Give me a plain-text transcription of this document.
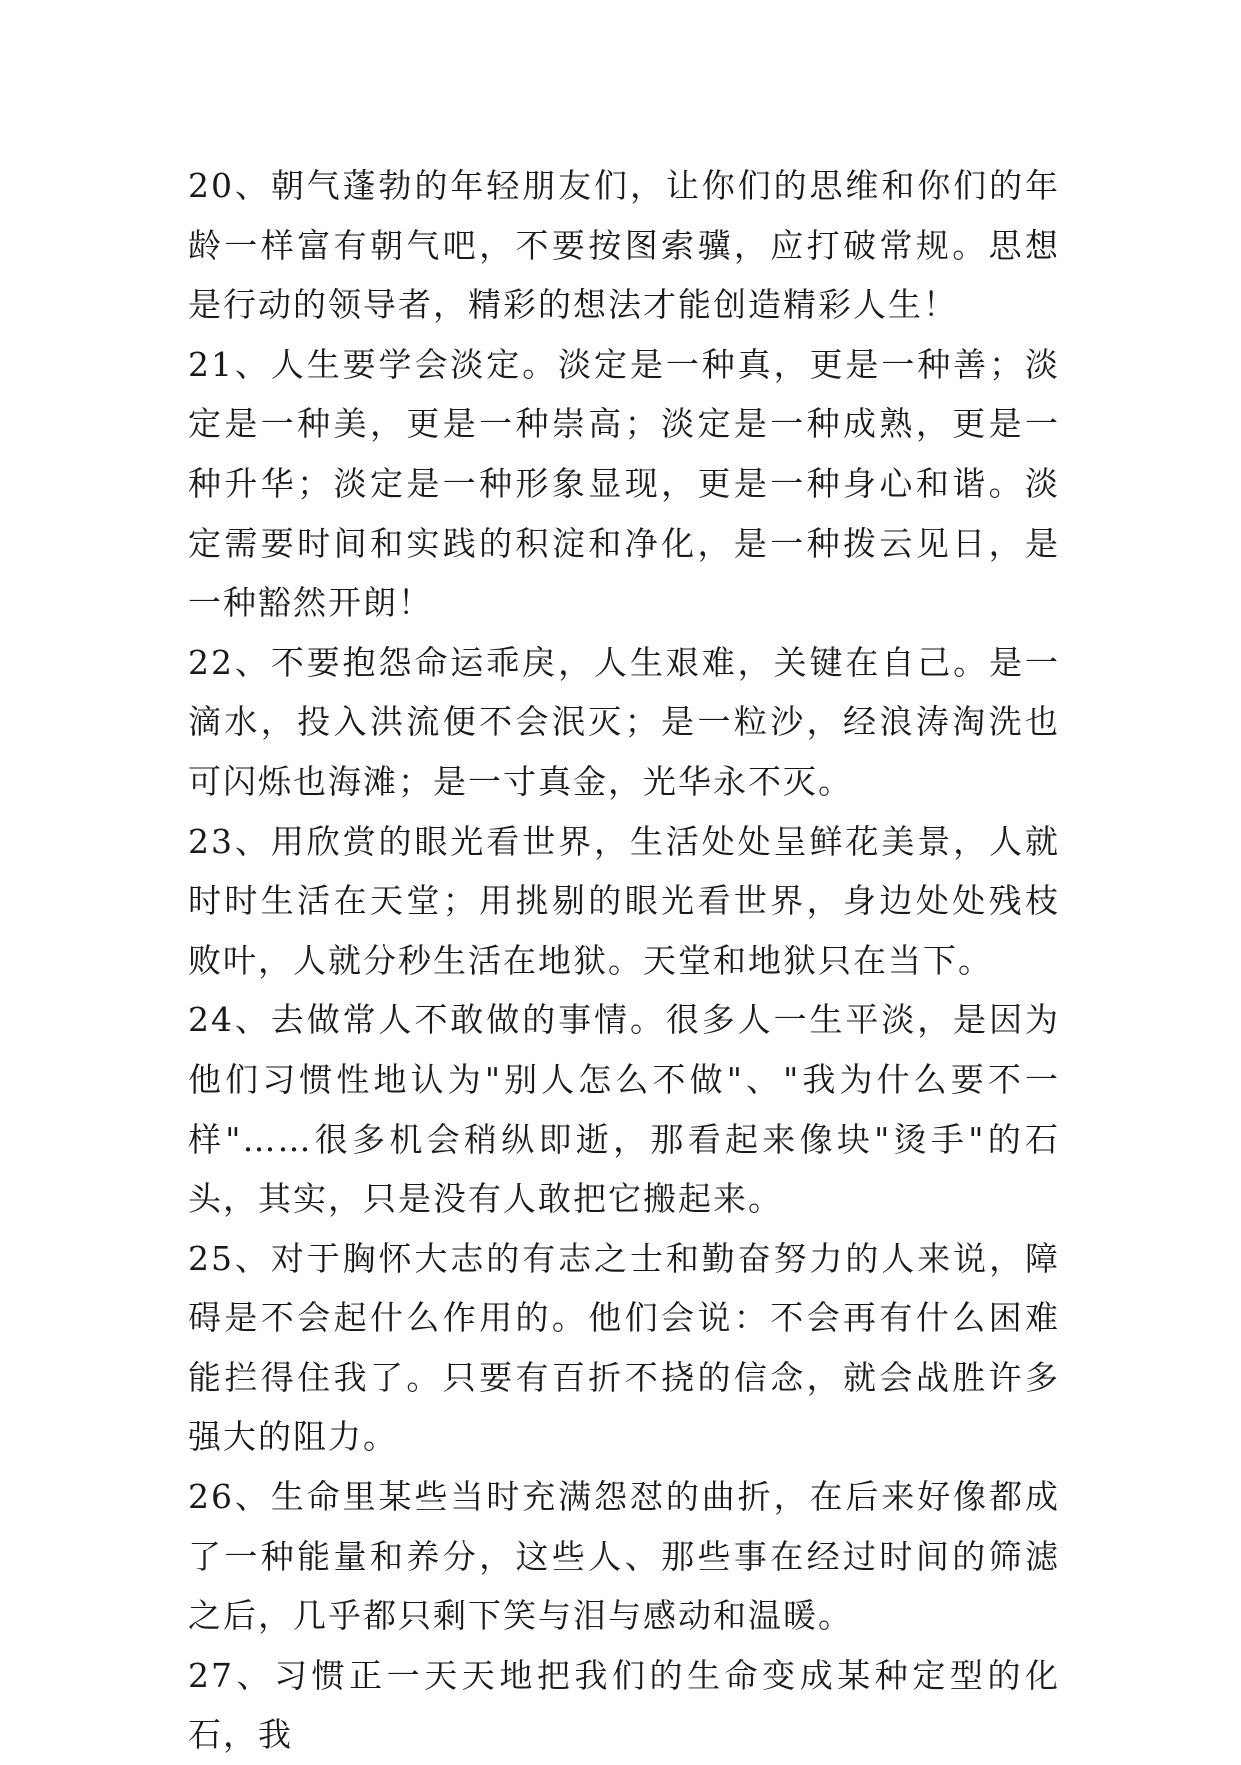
20、朝气蓬勃的年轻朋友们，让你们的思维和你们的年龄一样富有朝气吧，不要按图索骥，应打破常规。思想是行动的领导者，精彩的想法才能创造精彩人生！

21、人生要学会淡定。淡定是一种真，更是一种善；淡定是一种美，更是一种崇高；淡定是一种成熟，更是一种升华；淡定是一种形象显现，更是一种身心和谐。淡定需要时间和实践的积淀和净化，是一种拨云见日，是一种豁然开朗！

22、不要抱怨命运乖戾，人生艰难，关键在自己。是一滴水，投入洪流便不会泯灭；是一粒沙，经浪涛淘洗也可闪烁也海滩；是一寸真金，光华永不灭。

23、用欣赏的眼光看世界，生活处处呈鲜花美景，人就时时生活在天堂；用挑剔的眼光看世界，身边处处残枝败叶，人就分秒生活在地狱。天堂和地狱只在当下。

24、去做常人不敢做的事情。很多人一生平淡，是因为他们习惯性地认为"别人怎么不做"、"我为什么要不一样"……很多机会稍纵即逝，那看起来像块"烫手"的石头，其实，只是没有人敢把它搬起来。

25、对于胸怀大志的有志之士和勤奋努力的人来说，障碍是不会起什么作用的。他们会说：不会再有什么困难能拦得住我了。只要有百折不挠的信念，就会战胜许多强大的阻力。

26、生命里某些当时充满怨怼的曲折，在后来好像都成了一种能量和养分，这些人、那些事在经过时间的筛滤之后，几乎都只剩下笑与泪与感动和温暖。

27、习惯正一天天地把我们的生命变成某种定型的化石，我
